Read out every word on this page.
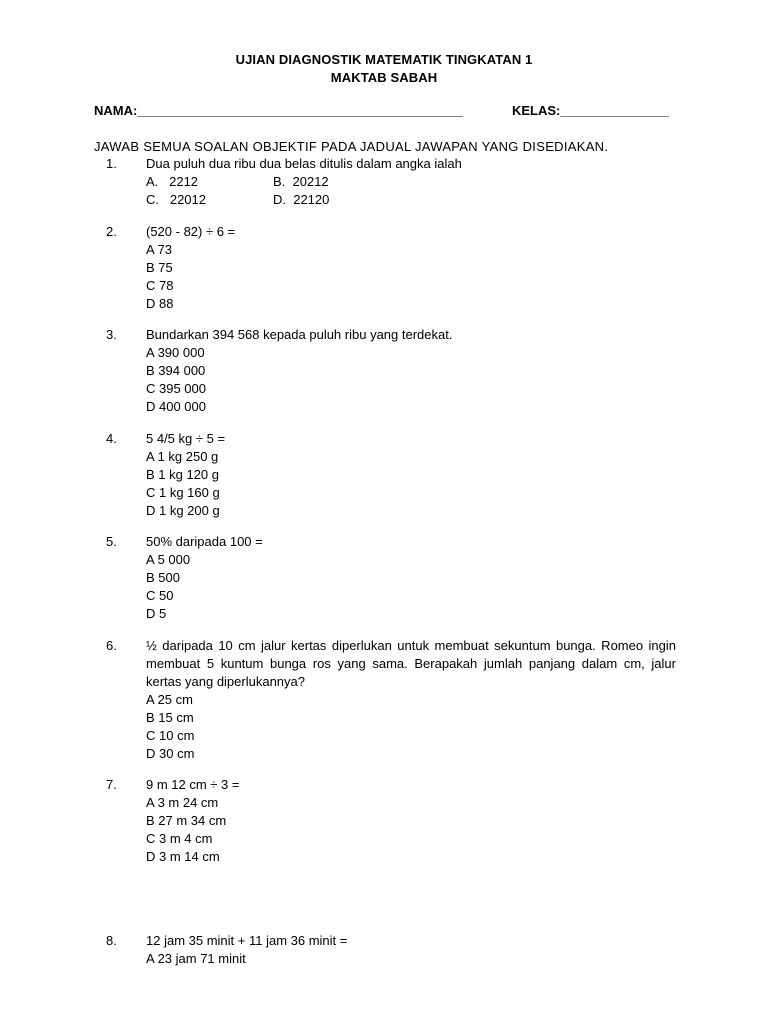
UJIAN DIAGNOSTIK MATEMATIK TINGKATAN 1
MAKTAB SABAH
NAMA:_____________________________________________	KELAS:_______________
JAWAB SEMUA SOALAN OBJEKTIF PADA JADUAL JAWAPAN YANG DISEDIAKAN.
1. Dua puluh dua ribu dua belas ditulis dalam angka ialah
A.   2212	B.  20212
C.   22012	D.  22120
2. (520 - 82) ÷ 6 =
A 73
B 75
C 78
D 88
3. Bundarkan 394 568 kepada puluh ribu yang terdekat.
A 390 000
B 394 000
C 395 000
D 400 000
4. 5 4/5 kg ÷ 5 =
A 1 kg 250 g
B 1 kg 120 g
C 1 kg 160 g
D 1 kg 200 g
5. 50% daripada 100 =
A 5 000
B 500
C 50
D 5
6. ½ daripada 10 cm jalur kertas diperlukan untuk membuat sekuntum bunga. Romeo ingin membuat 5 kuntum bunga ros yang sama. Berapakah jumlah panjang dalam cm, jalur kertas yang diperlukannya?
A 25 cm
B 15 cm
C 10 cm
D 30 cm
7. 9 m 12 cm ÷ 3 =
A 3 m 24 cm
B 27 m 34 cm
C 3 m 4 cm
D 3 m 14 cm
8. 12 jam 35 minit + 11 jam 36 minit =
A 23 jam 71 minit
